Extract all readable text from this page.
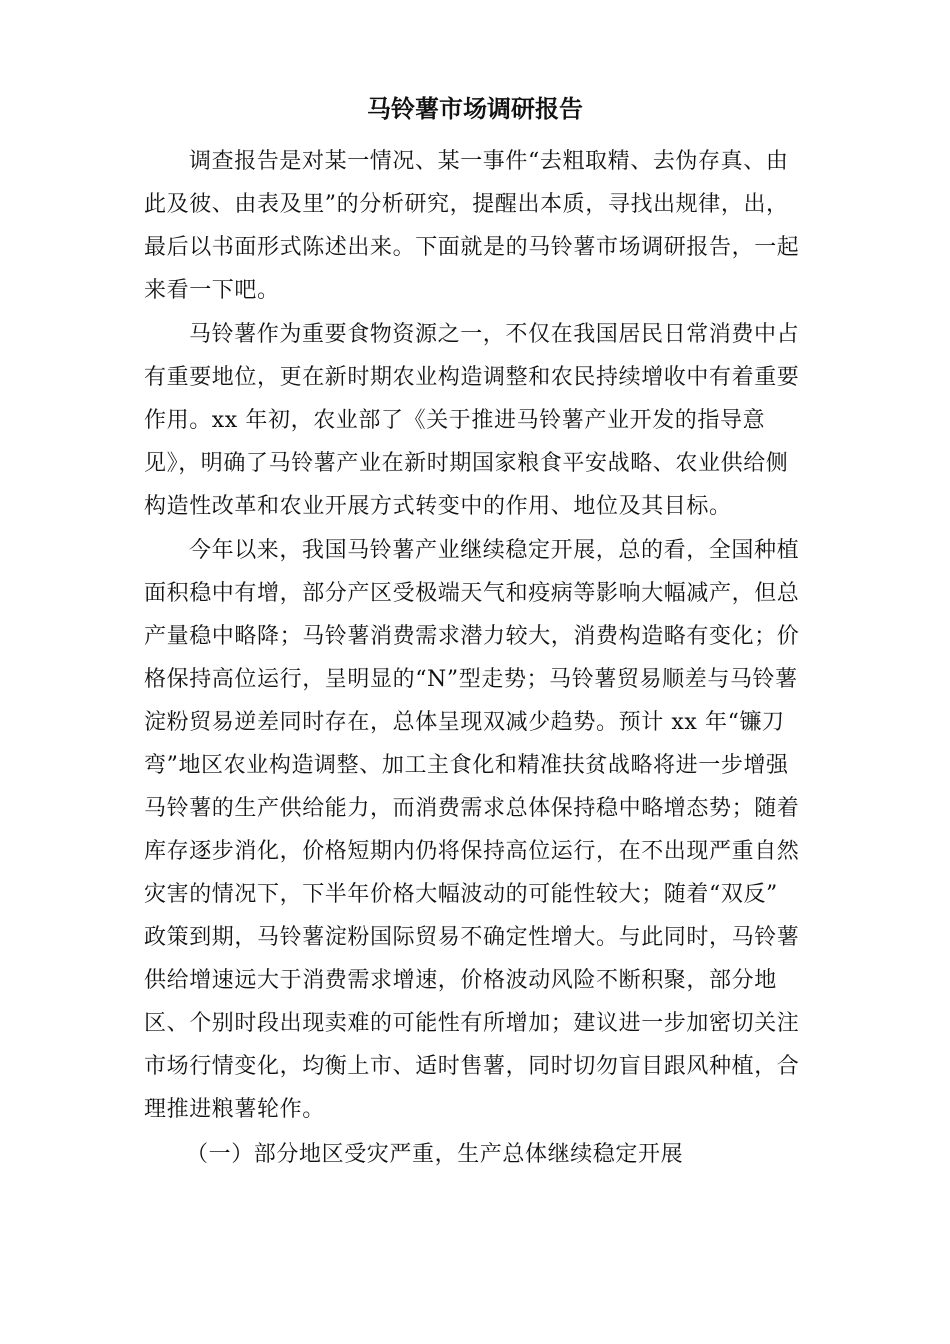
马铃薯市场调研报告
调查报告是对某一情况、某一事件“去粗取精、去伪存真、由
此及彼、由表及里”的分析研究，提醒出本质，寻找出规律，出，
最后以书面形式陈述出来。下面就是的马铃薯市场调研报告，一起
来看一下吧。
马铃薯作为重要食物资源之一，不仅在我国居民日常消费中占
有重要地位，更在新时期农业构造调整和农民持续增收中有着重要
作用。xx 年初，农业部了《关于推进马铃薯产业开发的指导意
见》，明确了马铃薯产业在新时期国家粮食平安战略、农业供给侧
构造性改革和农业开展方式转变中的作用、地位及其目标。
今年以来，我国马铃薯产业继续稳定开展，总的看，全国种植
面积稳中有增，部分产区受极端天气和疫病等影响大幅减产，但总
产量稳中略降；马铃薯消费需求潜力较大，消费构造略有变化；价
格保持高位运行，呈明显的“N”型走势；马铃薯贸易顺差与马铃薯
淀粉贸易逆差同时存在，总体呈现双减少趋势。预计 xx 年“镰刀
弯”地区农业构造调整、加工主食化和精准扶贫战略将进一步增强
马铃薯的生产供给能力，而消费需求总体保持稳中略增态势；随着
库存逐步消化，价格短期内仍将保持高位运行，在不出现严重自然
灾害的情况下，下半年价格大幅波动的可能性较大；随着“双反”
政策到期，马铃薯淀粉国际贸易不确定性增大。与此同时，马铃薯
供给增速远大于消费需求增速，价格波动风险不断积聚，部分地
区、个别时段出现卖难的可能性有所增加；建议进一步加密切关注
市场行情变化，均衡上市、适时售薯，同时切勿盲目跟风种植，合
理推进粮薯轮作。
（一）部分地区受灾严重，生产总体继续稳定开展
